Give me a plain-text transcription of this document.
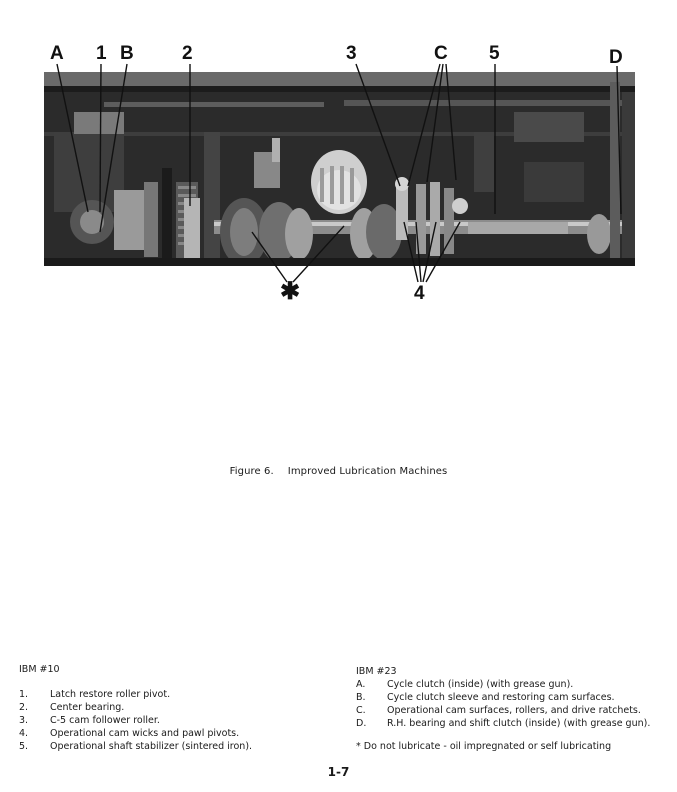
A 1 B	2	3	C 5	D
✱	4
Figure 6. Improved Lubrication Machines
IBM #10
1.	Latch restore roller pivot.
2.	Center bearing.
3.	C-5 cam follower roller.
4.	Operational cam wicks and pawl pivots.
5.	Operational shaft stabilizer (sintered iron).
IBM #23
A.	Cycle clutch (inside) (with grease gun).
B.	Cycle clutch sleeve and restoring cam surfaces.
C.	Operational cam surfaces, rollers, and drive ratchets.
D.	R.H. bearing and shift clutch (inside) (with grease gun).
* Do not lubricate - oil impregnated or self lubricating
1-7
